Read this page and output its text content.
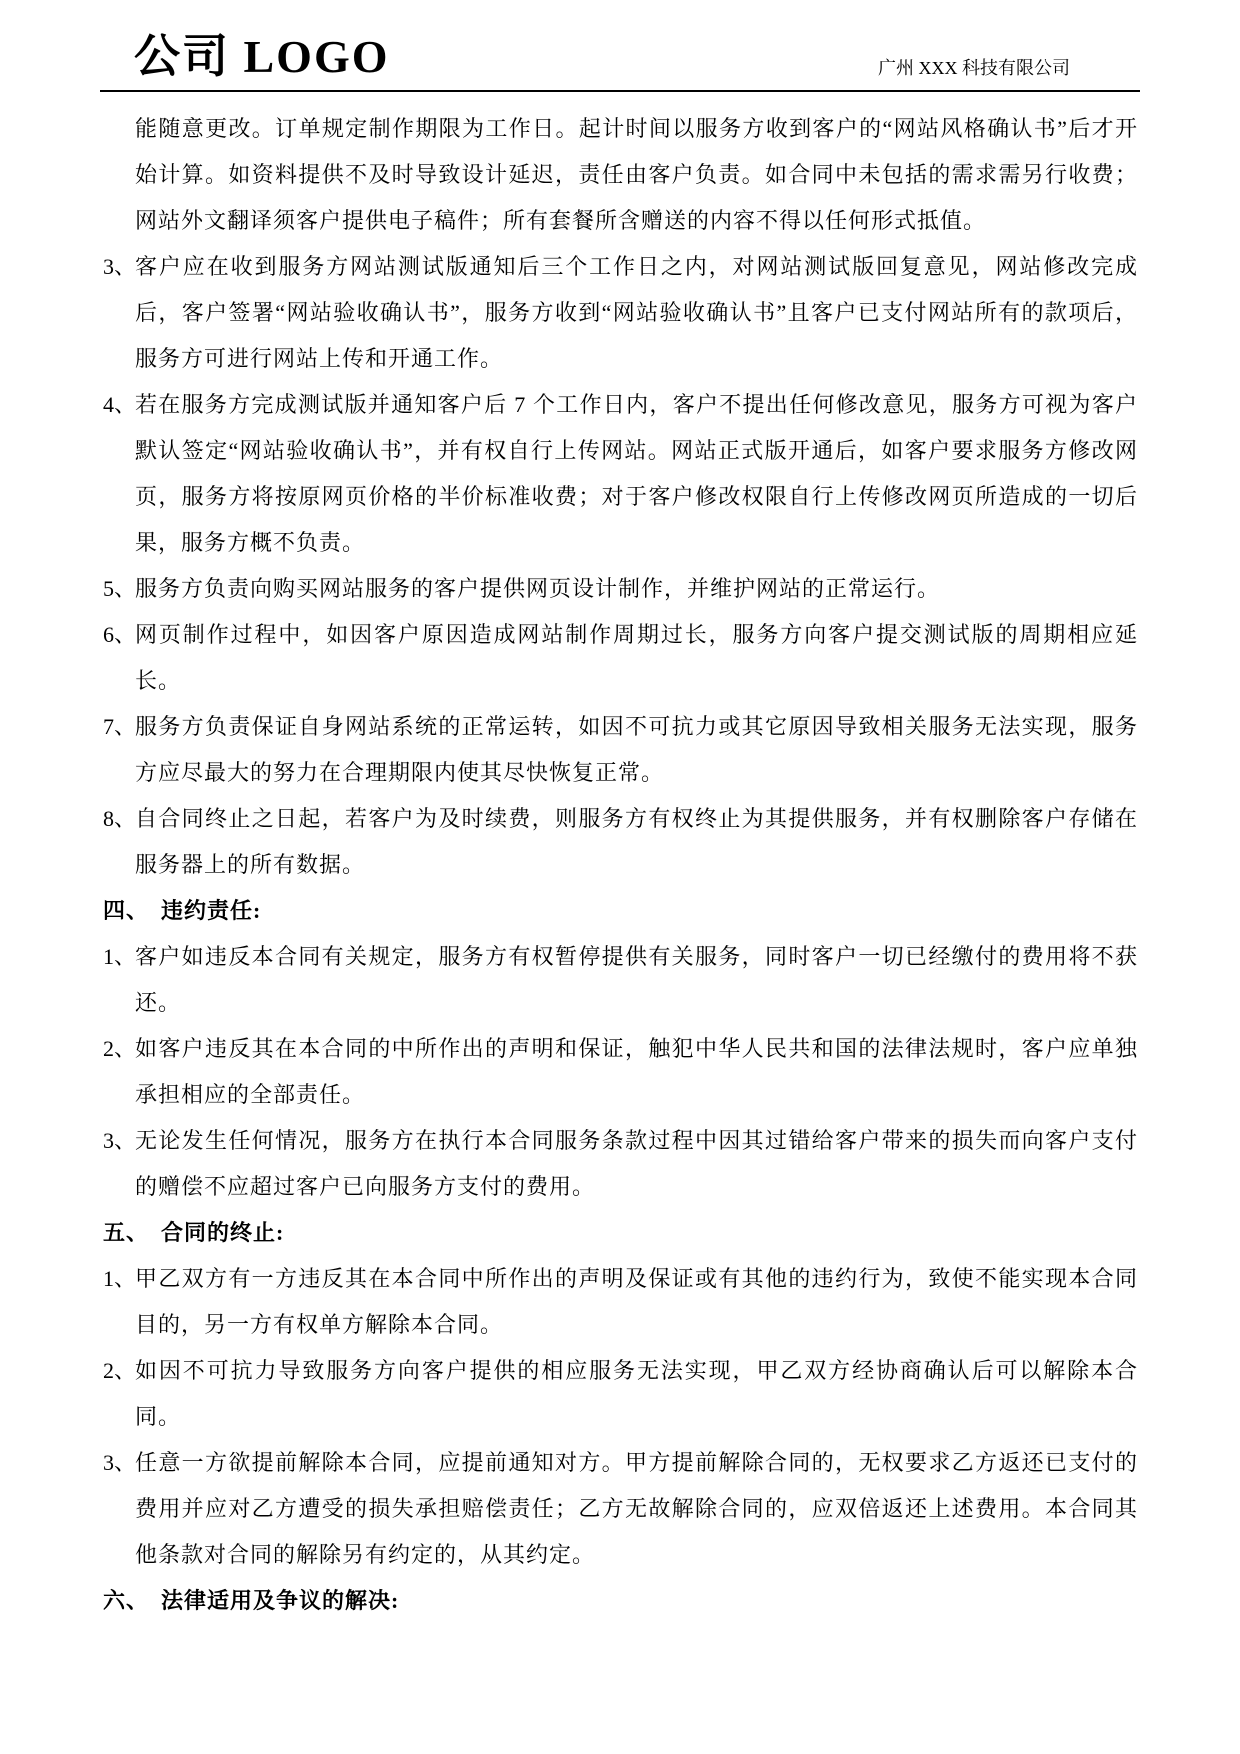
公司 LOGO	广州 XXX 科技有限公司

能随意更改。订单规定制作期限为工作日。起计时间以服务方收到客户的“网站风格确认书”后才开始计算。如资料提供不及时导致设计延迟，责任由客户负责。如合同中未包括的需求需另行收费；网站外文翻译须客户提供电子稿件；所有套餐所含赠送的内容不得以任何形式抵值。

3、
客户应在收到服务方网站测试版通知后三个工作日之内，对网站测试版回复意见，网站修改完成后，客户签署“网站验收确认书”，服务方收到“网站验收确认书”且客户已支付网站所有的款项后，服务方可进行网站上传和开通工作。
4、
若在服务方完成测试版并通知客户后 7 个工作日内，客户不提出任何修改意见，服务方可视为客户默认签定“网站验收确认书”，并有权自行上传网站。网站正式版开通后，如客户要求服务方修改网页，服务方将按原网页价格的半价标准收费；对于客户修改权限自行上传修改网页所造成的一切后果，服务方概不负责。
5、
服务方负责向购买网站服务的客户提供网页设计制作，并维护网站的正常运行。
6、
网页制作过程中，如因客户原因造成网站制作周期过长，服务方向客户提交测试版的周期相应延长。
7、
服务方负责保证自身网站系统的正常运转，如因不可抗力或其它原因导致相关服务无法实现，服务方应尽最大的努力在合理期限内使其尽快恢复正常。
8、
自合同终止之日起，若客户为及时续费，则服务方有权终止为其提供服务，并有权删除客户存储在服务器上的所有数据。
四、 违约责任:
1、
客户如违反本合同有关规定，服务方有权暂停提供有关服务，同时客户一切已经缴付的费用将不获还。
2、
如客户违反其在本合同的中所作出的声明和保证，触犯中华人民共和国的法律法规时，客户应单独承担相应的全部责任。
3、
无论发生任何情况，服务方在执行本合同服务条款过程中因其过错给客户带来的损失而向客户支付的赠偿不应超过客户已向服务方支付的费用。
五、 合同的终止:
1、
甲乙双方有一方违反其在本合同中所作出的声明及保证或有其他的违约行为，致使不能实现本合同目的，另一方有权单方解除本合同。
2、
如因不可抗力导致服务方向客户提供的相应服务无法实现，甲乙双方经协商确认后可以解除本合同。
3、
任意一方欲提前解除本合同，应提前通知对方。甲方提前解除合同的，无权要求乙方返还已支付的费用并应对乙方遭受的损失承担赔偿责任；乙方无故解除合同的，应双倍返还上述费用。本合同其他条款对合同的解除另有约定的，从其约定。
六、 法律适用及争议的解决:
